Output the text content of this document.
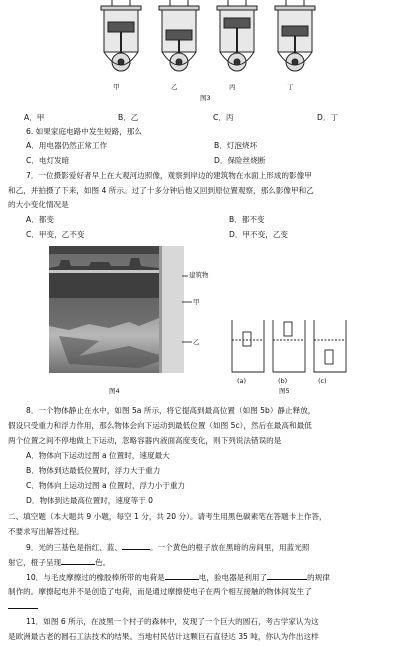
甲	乙	丙	丁
图3
A．甲	B．乙	C．丙	D．丁
6. 如果家庭电路中发生短路，那么
A．用电器仍然正常工作	B．灯泡烧坏
C．电灯发暗	D．保险丝烧断
7．一位摄影爱好者早上在大观河边照像，观察到岸边的建筑物在水面上形成的影像甲
和乙，并拍摄了下来，如图 4 所示。过了十多分钟后他又回到原位置观察，那么影像甲和乙
的大小变化情况是
A．都变	B．都不变
C．甲变，乙不变	D．甲不变，乙变
建筑物
甲
乙
图4
(a)	(b)	(c)
图5
8．一个物体静止在水中，如图 5a 所示，将它提高到最高位置（如图 5b）静止释放，
假设只受重力和浮力作用，那么物体会向下运动到最低位置（如图 5c），然后在最高和最低
两个位置之间不停地做上下运动，忽略容器内液面高度变化，则下列说法错误的是
A．物体向下运动过图 a 位置时，速度最大
B．物体到达最低位置时，浮力大于重力
C．物体向上运动过图 a 位置时，浮力小于重力
D．物体到达最高位置时，速度等于 0
二、填空题（本大题共 9 小题，每空 1 分，共 20 分）。请考生用黑色碳素笔在答题卡上作答，
不要求写出解答过程。
9．光的三基色是指红、蓝、	。一个黄色的橙子放在黑暗的房间里，用蓝光照
射它，橙子呈现	色。
10．与毛皮摩擦过的橡胶棒所带的电荷是	电，验电器是利用了	的规律
制作的。摩擦起电并不是创造了电荷，而是通过摩擦使电子在两个相互接触的物体间发生了
11．如图 6 所示，在波黑一个村子的森林中，发现了一个巨大的圆石，考古学家认为这
是欧洲最古老的圆石工法技术的结果。当地村民估计这颗巨石直径达 35 吨，你认为作出这样
